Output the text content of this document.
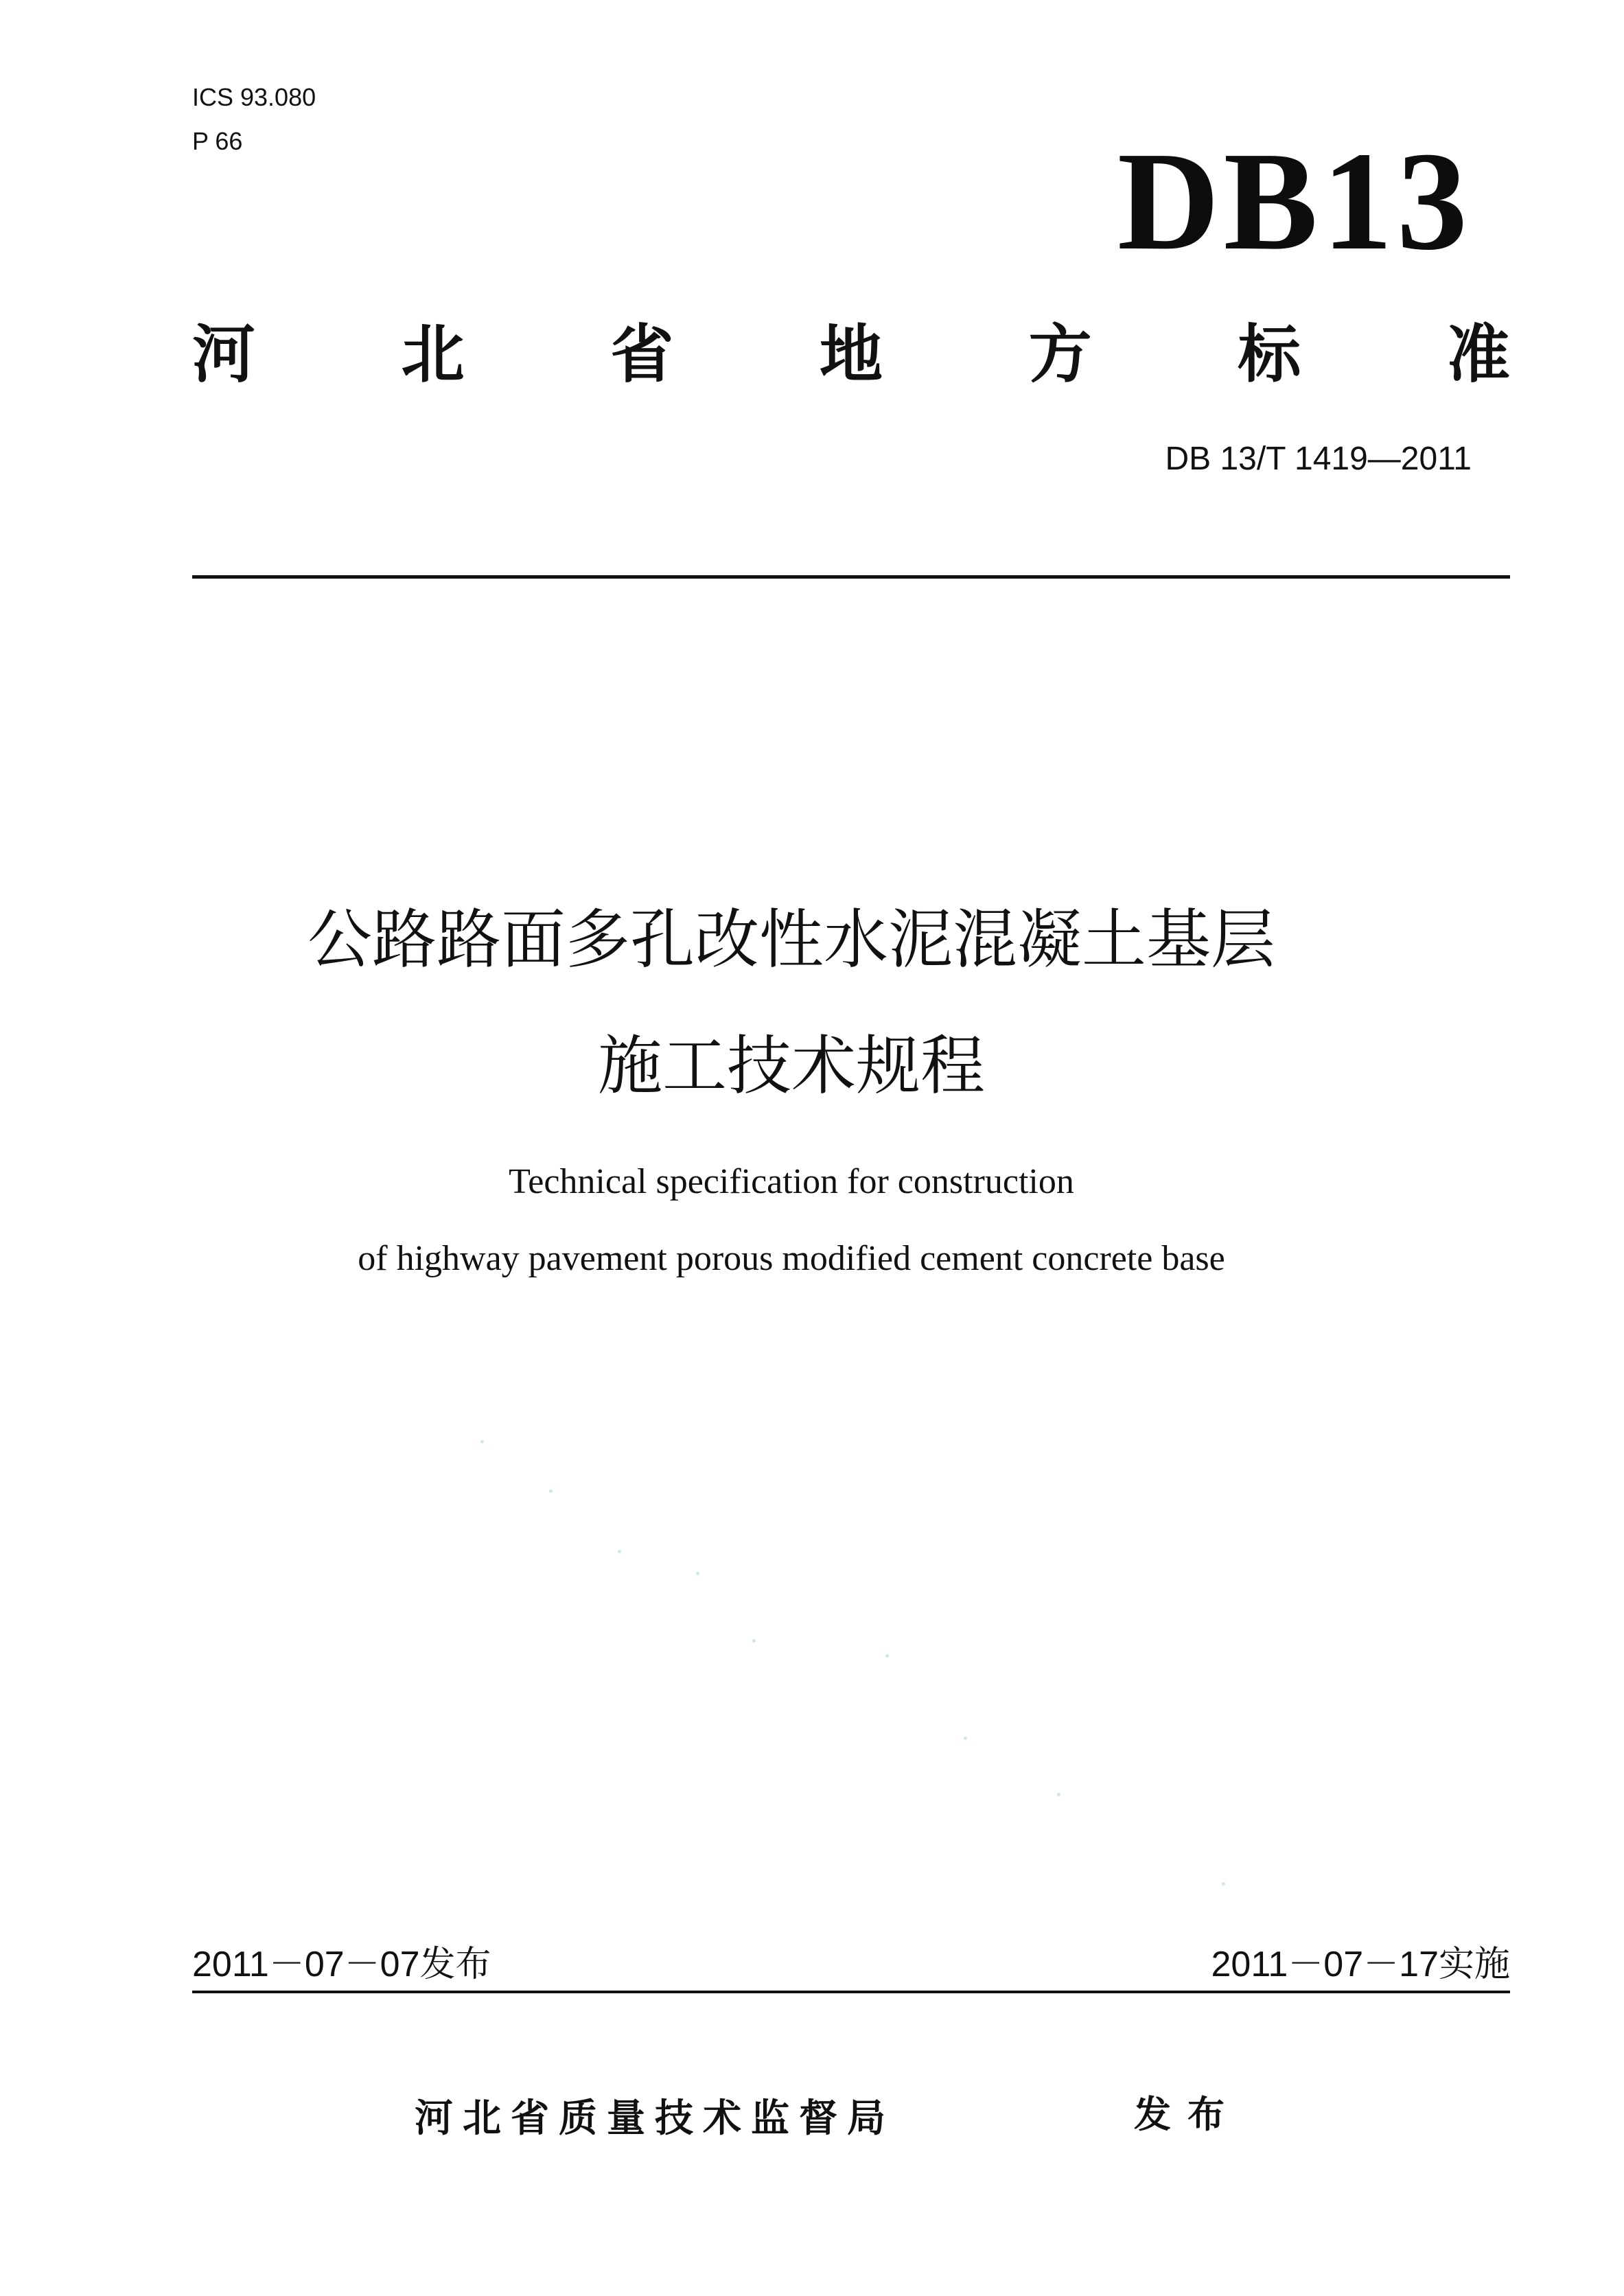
ICS 93.080
P 66	DB13
河 北 省 地 方 标 准
DB 13/T 1419—2011
公路路面多孔改性水泥混凝土基层
施工技术规程
Technical specification for construction
of highway pavement porous modified cement concrete base
2011－07－07发布	2011－07－17实施
河北省质量技术监督局	发布
